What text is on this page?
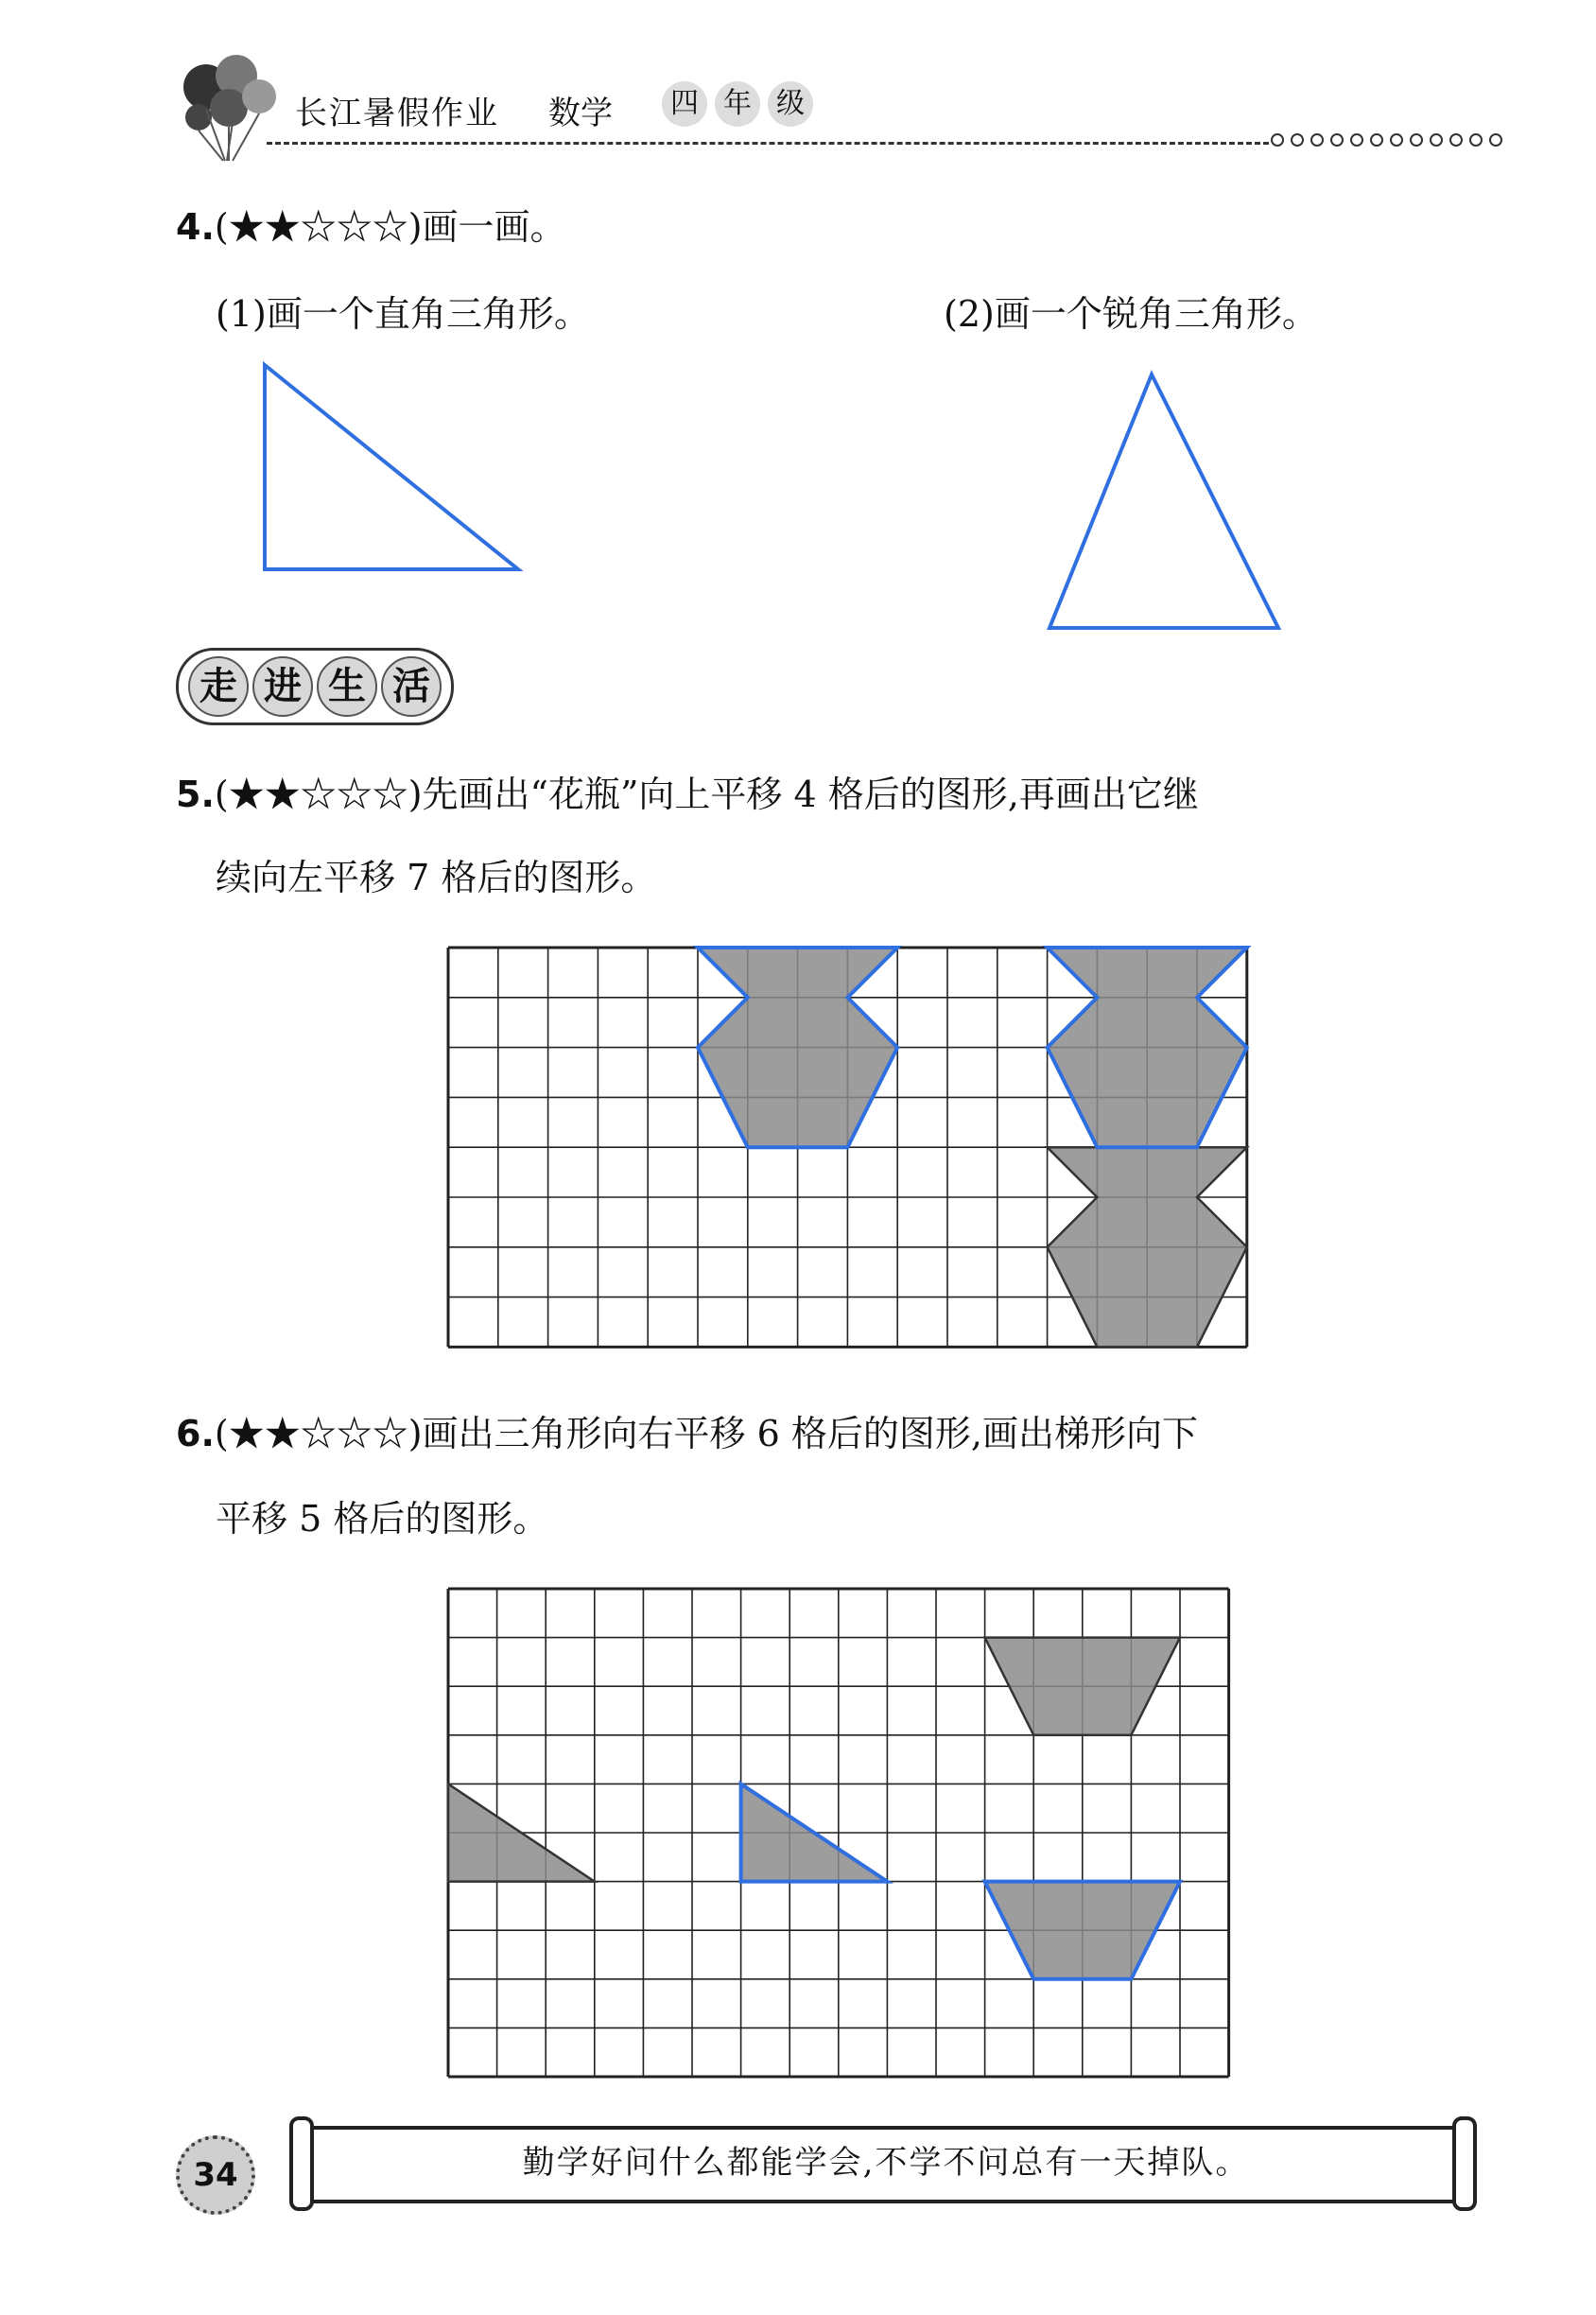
长江暑假作业 数学	四 年 级
4.(★★☆☆☆)画一画。
(1)画一个直角三角形。	(2)画一个锐角三角形。
走 进 生 活
5.(★★☆☆☆)先画出“花瓶”向上平移 4 格后的图形,再画出它继
续向左平移 7 格后的图形。
6.(★★☆☆☆)画出三角形向右平移 6 格后的图形,画出梯形向下
平移 5 格后的图形。
34	勤学好问什么都能学会,不学不问总有一天掉队。
